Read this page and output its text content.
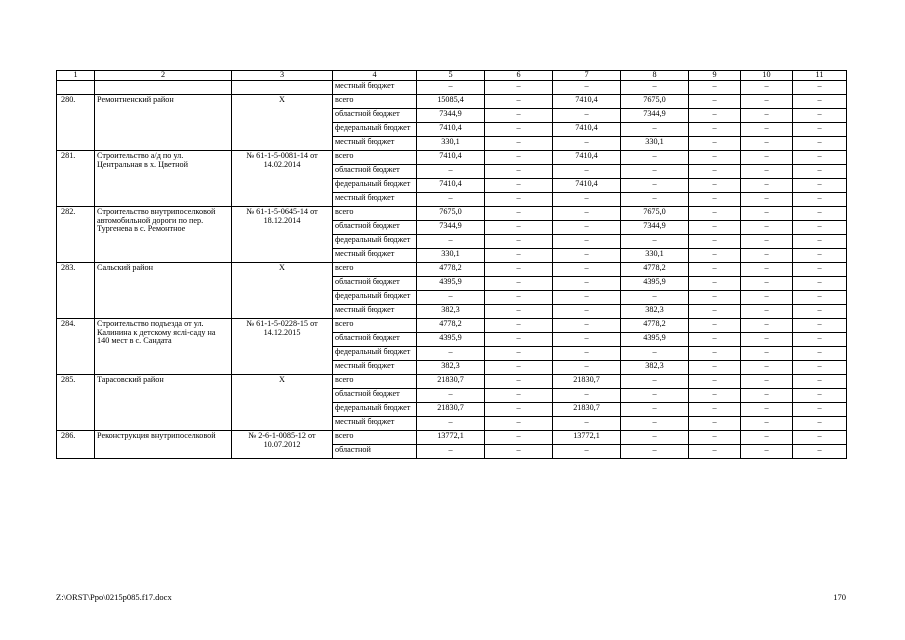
1	2	3	4	5	6	7	8	9	10	11
			местный бюджет	–	–	–	–	–	–	–
280.	Ремонтненский район	Х	всего	15085,4	–	7410,4	7675,0	–	–	–
			областной бюджет	7344,9	–	–	7344,9	–	–	–
			федеральный бюджет	7410,4	–	7410,4	–	–	–	–
			местный бюджет	330,1	–	–	330,1	–	–	–
281.	Строительство а/д по ул. Центральная в х. Цветной	№ 61-1-5-0081-14 от 14.02.2014	всего	7410,4	–	7410,4	–	–	–	–
			областной бюджет	–	–	–	–	–	–	–
			федеральный бюджет	7410,4	–	7410,4	–	–	–	–
			местный бюджет	–	–	–	–	–	–	–
282.	Строительство внутрипоселковой автомобильной дороги по пер. Тургенева в с. Ремонтное	№ 61-1-5-0645-14 от 18.12.2014	всего	7675,0	–	–	7675,0	–	–	–
			областной бюджет	7344,9	–	–	7344,9	–	–	–
			федеральный бюджет	–	–	–	–	–	–	–
			местный бюджет	330,1	–	–	330,1	–	–	–
283.	Сальский район	Х	всего	4778,2	–	–	4778,2	–	–	–
			областной бюджет	4395,9	–	–	4395,9	–	–	–
			федеральный бюджет	–	–	–	–	–	–	–
			местный бюджет	382,3	–	–	382,3	–	–	–
284.	Строительство подъезда от ул. Калинина к детскому яслі-саду на 140 мест в с. Сандата	№ 61-1-5-0228-15 от 14.12.2015	всего	4778,2	–	–	4778,2	–	–	–
			областной бюджет	4395,9	–	–	4395,9	–	–	–
			федеральный бюджет	–	–	–	–	–	–	–
			местный бюджет	382,3	–	–	382,3	–	–	–
285.	Тарасовский район	Х	всего	21830,7	–	21830,7	–	–	–	–
			областной бюджет	–	–	–	–	–	–	–
			федеральный бюджет	21830,7	–	21830,7	–	–	–	–
			местный бюджет	–	–	–	–	–	–	–
286.	Реконструкция внутрипоселковой	№ 2-6-1-0085-12 от 10.07.2012	всего	13772,1	–	13772,1	–	–	–	–
			областной	–	–	–	–	–	–	–
Z:\ORST\Ppo\0215p085.f17.docx	170
